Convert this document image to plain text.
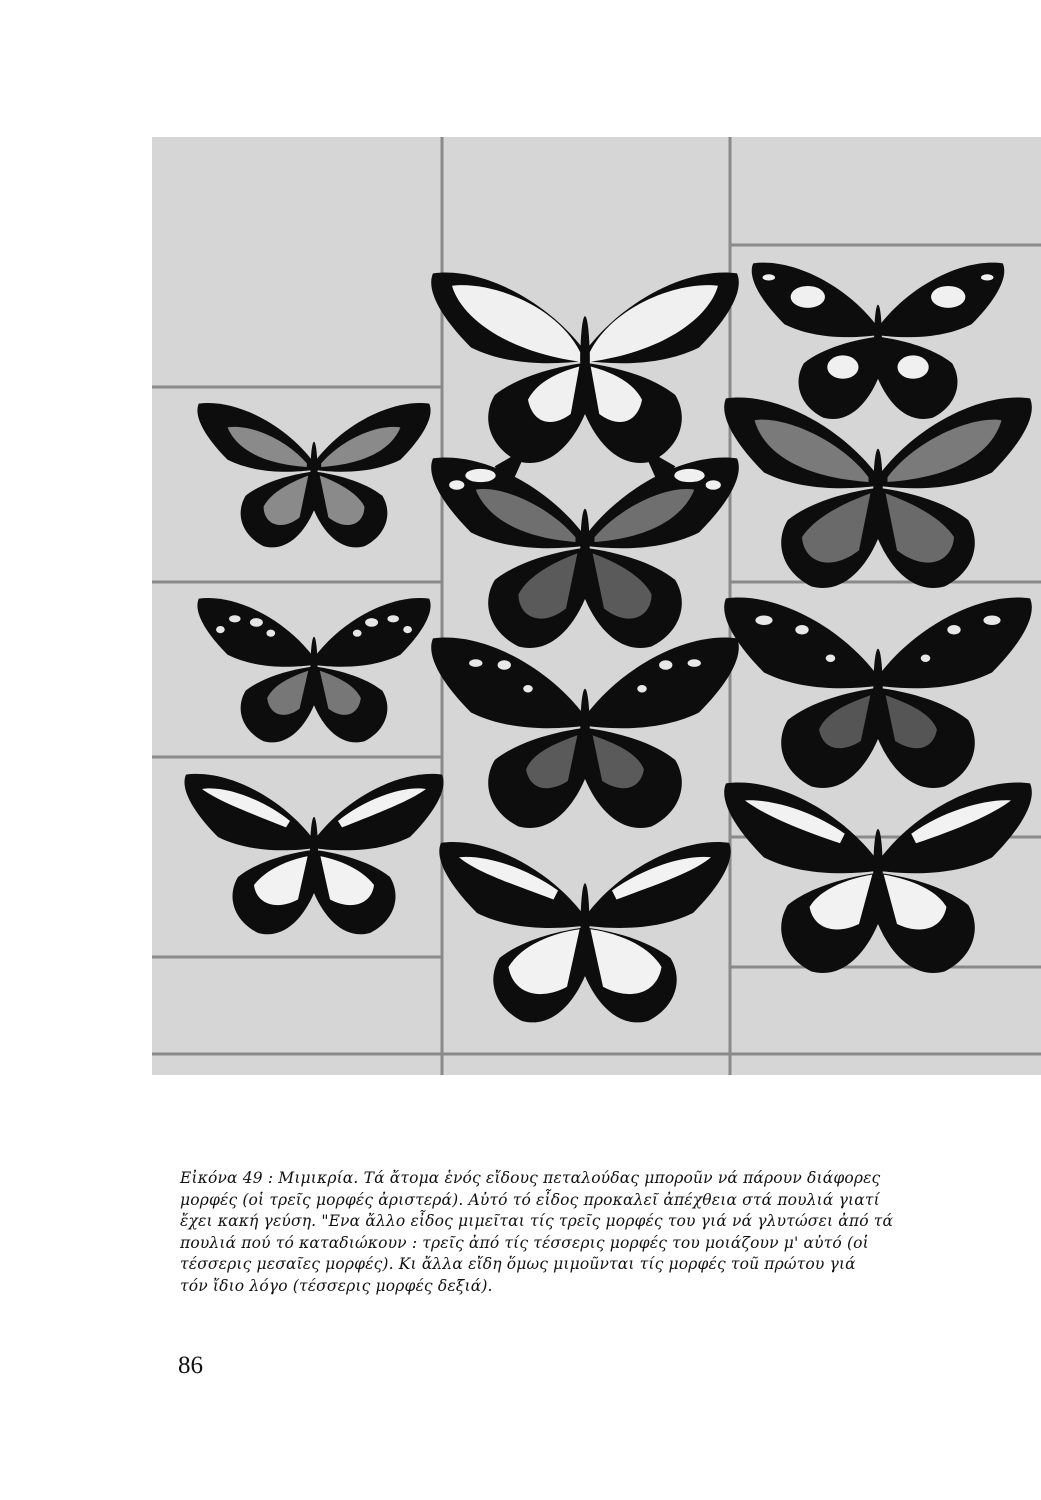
Εἰκόνα 49 : Μιμικρία. Τά ἄτομα ἑνός εἴδους πεταλούδας μποροũν νά πάρουν διάφορες
μορφές (οἱ τρεῖς μορφές ἀριστερά). Αὐτό τό εἶδος προκαλεῖ ἀπέχθεια στά πουλιά γιατί
ἔχει κακή γεύση. "Ενα ἄλλο εἶδος μιμεῖται τίς τρεῖς μορφές του γιά νά γλυτώσει ἀπό τά
πουλιά πού τό καταδιώκουν : τρεῖς ἀπό τίς τέσσερις μορφές του μοιάζουν μ' αὐτό (οἱ
τέσσερις μεσαῖες μορφές). Κι ἄλλα εἴδη ὅμως μιμοũνται τίς μορφές τοũ πρώτου γιά
τόν ἴδιο λόγο (τέσσερις μορφές δεξιά).
86
